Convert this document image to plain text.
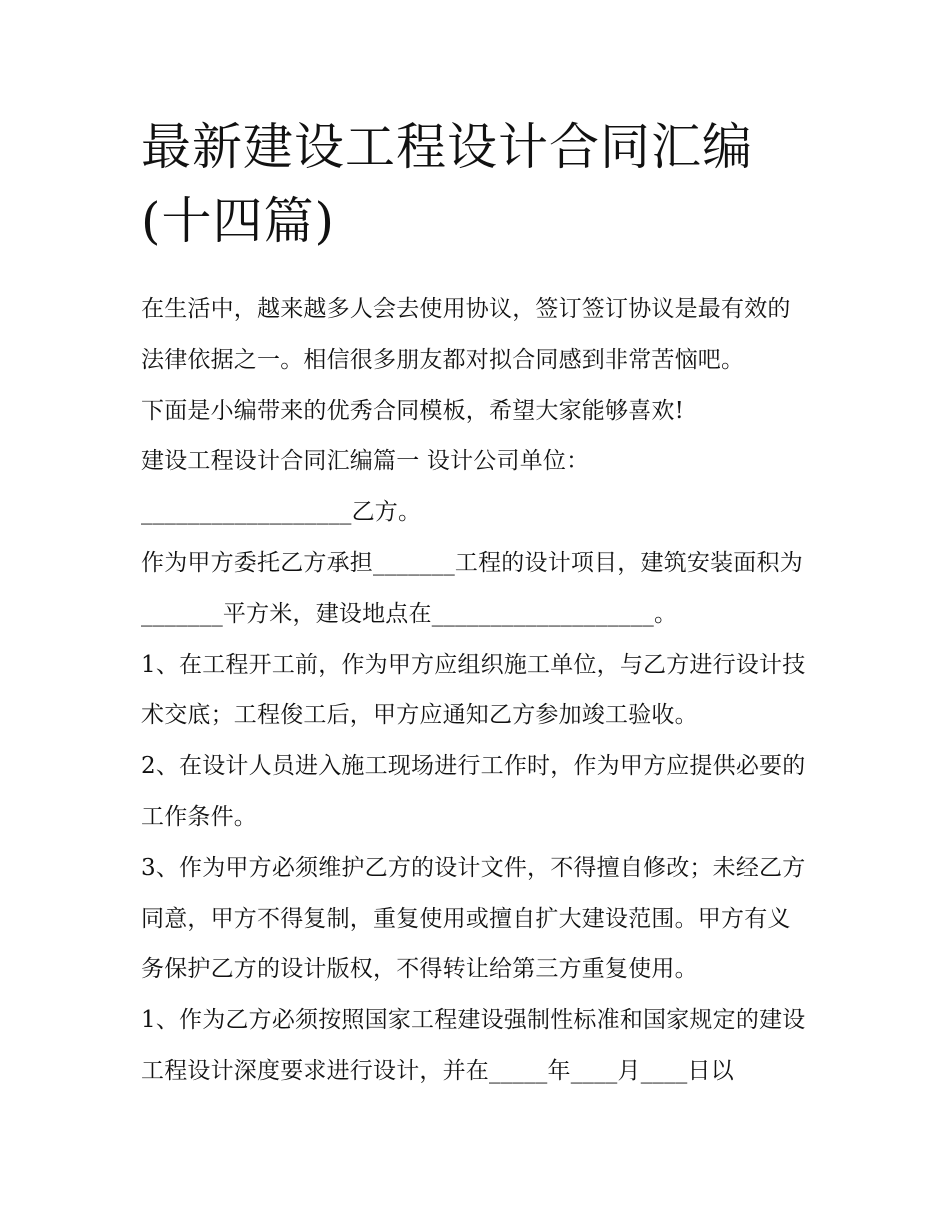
最新建设工程设计合同汇编(十四篇)

在生活中，越来越多人会去使用协议，签订签订协议是最有效的法律依据之一。相信很多朋友都对拟合同感到非常苦恼吧。

下面是小编带来的优秀合同模板，希望大家能够喜欢!

建设工程设计合同汇编篇一 设计公司单位：

__________________乙方。

作为甲方委托乙方承担_______工程的设计项目，建筑安装面积为_______平方米，建设地点在___________________。

1、在工程开工前，作为甲方应组织施工单位，与乙方进行设计技术交底；工程俊工后，甲方应通知乙方参加竣工验收。

2、在设计人员进入施工现场进行工作时，作为甲方应提供必要的工作条件。

3、作为甲方必须维护乙方的设计文件，不得擅自修改；未经乙方同意，甲方不得复制，重复使用或擅自扩大建设范围。甲方有义务保护乙方的设计版权，不得转让给第三方重复使用。

1、作为乙方必须按照国家工程建设强制性标准和国家规定的建设工程设计深度要求进行设计，并在_____年____月____日以
